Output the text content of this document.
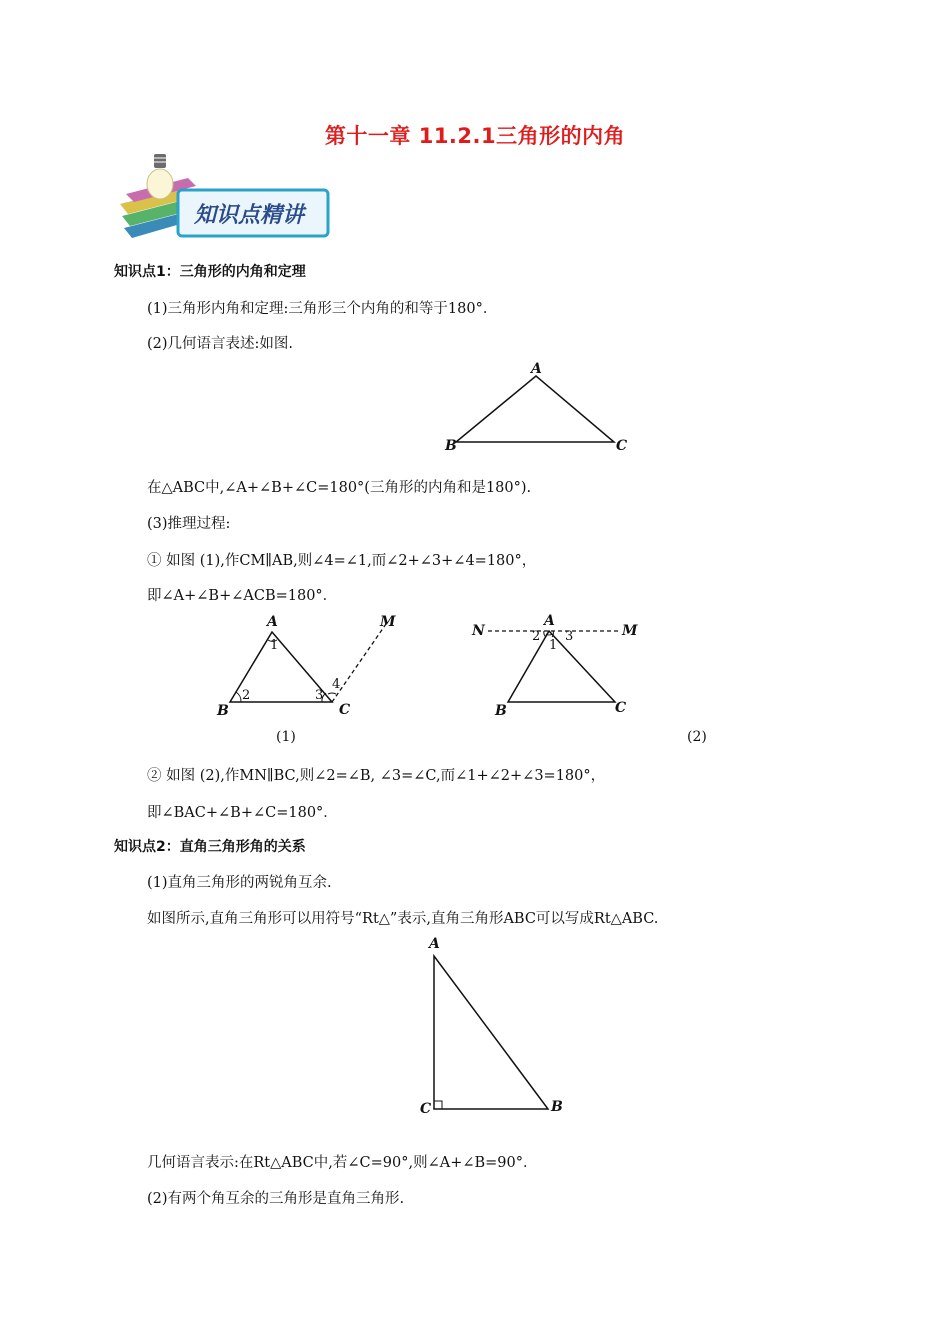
第十一章 11.2.1三角形的内角
知识点精讲
知识点1：三角形的内角和定理
(1)三角形内角和定理:三角形三个内角的和等于180°．
(2)几何语言表述:如图.
A
B	C
在△ABC中,∠A+∠B+∠C=180°(三角形的内角和是180°).
(3)推理过程:
① 如图 (1),作CM∥AB,则∠4=∠1,而∠2+∠3+∠4=180°，
即∠A+∠B+∠ACB=180°．
A	M
1
2	3
4
B	C
(1)
N
A
M
2 3
1
B	C
(2)
② 如图 (2),作MN∥BC,则∠2=∠B, ∠3=∠C,而∠1+∠2+∠3=180°，
即∠BAC+∠B+∠C=180°．
知识点2：直角三角形角的关系
(1)直角三角形的两锐角互余.
如图所示,直角三角形可以用符号“Rt△”表示,直角三角形ABC可以写成Rt△ABC.
A
C	B
几何语言表示:在Rt△ABC中,若∠C=90°,则∠A+∠B=90°．
(2)有两个角互余的三角形是直角三角形.
